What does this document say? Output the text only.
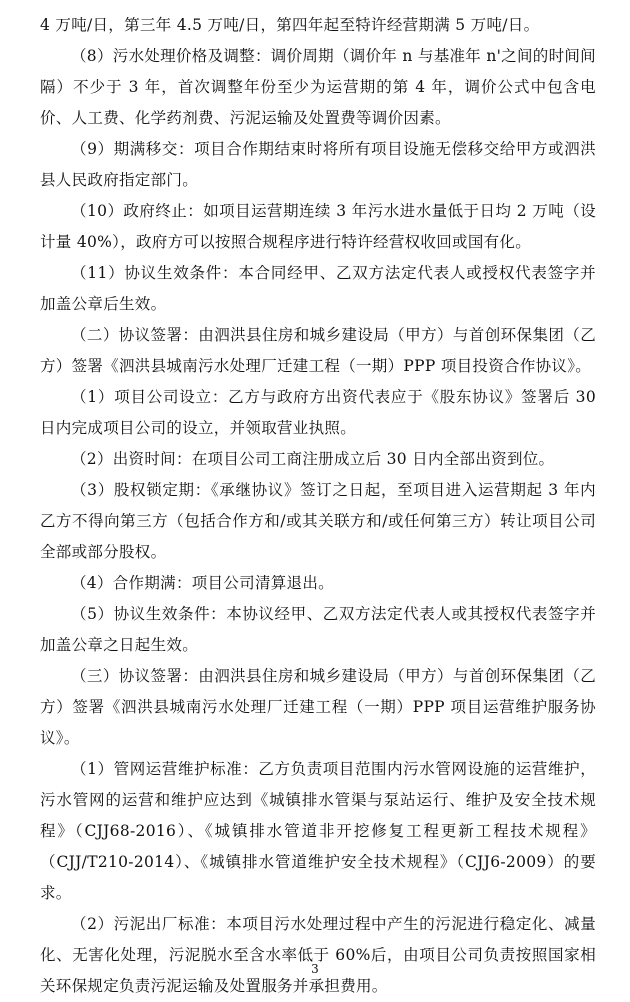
4 万吨/日，第三年 4.5 万吨/日，第四年起至特许经营期满 5 万吨/日。

（8）污水处理价格及调整：调价周期（调价年 n 与基准年 n'之间的时间间隔）不少于 3 年，首次调整年份至少为运营期的第 4 年，调价公式中包含电价、人工费、化学药剂费、污泥运输及处置费等调价因素。

（9）期满移交：项目合作期结束时将所有项目设施无偿移交给甲方或泗洪县人民政府指定部门。

（10）政府终止：如项目运营期连续 3 年污水进水量低于日均 2 万吨（设计量 40%），政府方可以按照合规程序进行特许经营权收回或国有化。

（11）协议生效条件：本合同经甲、乙双方法定代表人或授权代表签字并加盖公章后生效。

（二）协议签署：由泗洪县住房和城乡建设局（甲方）与首创环保集团（乙方）签署《泗洪县城南污水处理厂迁建工程（一期）PPP 项目投资合作协议》。

（1）项目公司设立：乙方与政府方出资代表应于《股东协议》签署后 30 日内完成项目公司的设立，并领取营业执照。

（2）出资时间：在项目公司工商注册成立后 30 日内全部出资到位。

（3）股权锁定期：《承继协议》签订之日起，至项目进入运营期起 3 年内乙方不得向第三方（包括合作方和/或其关联方和/或任何第三方）转让项目公司全部或部分股权。

（4）合作期满：项目公司清算退出。

（5）协议生效条件：本协议经甲、乙双方法定代表人或其授权代表签字并加盖公章之日起生效。

（三）协议签署：由泗洪县住房和城乡建设局（甲方）与首创环保集团（乙方）签署《泗洪县城南污水处理厂迁建工程（一期）PPP 项目运营维护服务协议》。

（1）管网运营维护标准：乙方负责项目范围内污水管网设施的运营维护，污水管网的运营和维护应达到《城镇排水管渠与泵站运行、维护及安全技术规程》（CJJ68-2016）、《城镇排水管道非开挖修复工程更新工程技术规程》（CJJ/T210-2014）、《城镇排水管道维护安全技术规程》（CJJ6-2009）的要求。

（2）污泥出厂标准：本项目污水处理过程中产生的污泥进行稳定化、减量化、无害化处理，污泥脱水至含水率低于 60%后，由项目公司负责按照国家相关环保规定负责污泥运输及处置服务并承担费用。

3
